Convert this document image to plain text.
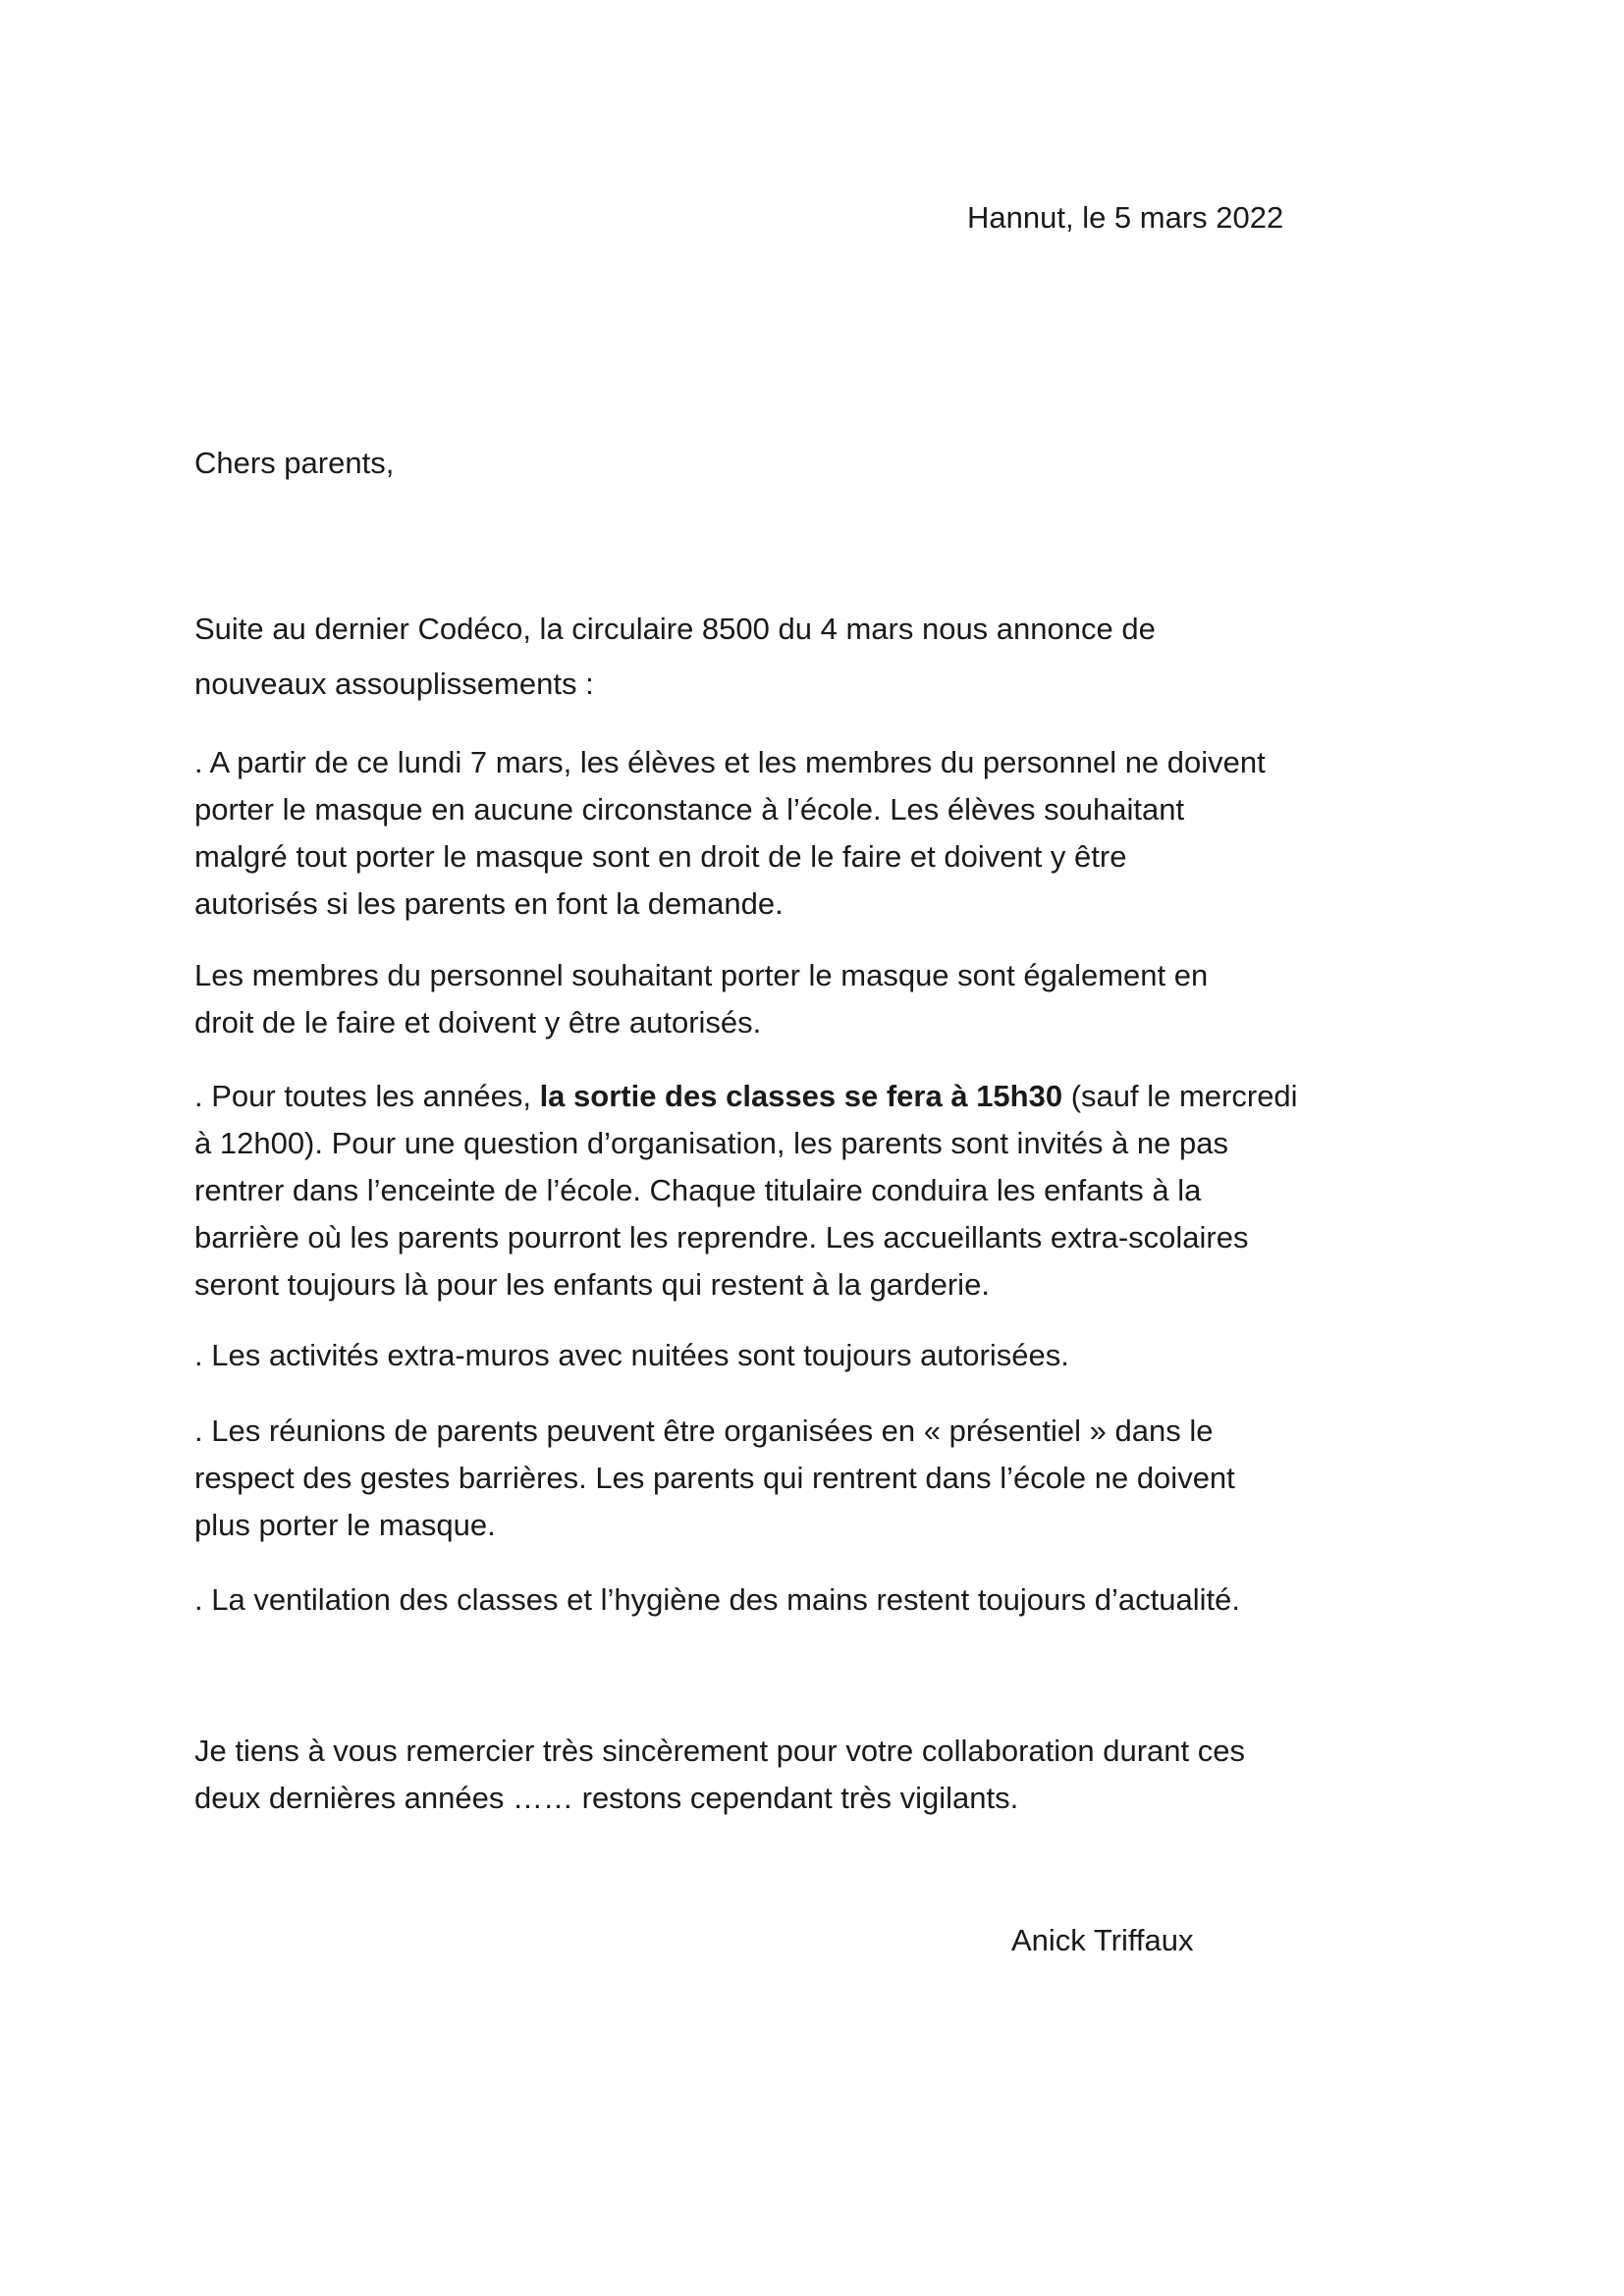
Hannut, le 5 mars 2022

Chers parents,

Suite au dernier Codéco, la circulaire 8500 du 4 mars nous annonce de
nouveaux assouplissements :

. A partir de ce lundi 7 mars, les élèves et les membres du personnel ne doivent
porter le masque en aucune circonstance à l’école. Les élèves souhaitant
malgré tout porter le masque sont en droit de le faire et doivent y être
autorisés si les parents en font la demande.

Les membres du personnel souhaitant porter le masque sont également en
droit de le faire et doivent y être autorisés.

. Pour toutes les années, la sortie des classes se fera à 15h30 (sauf le mercredi
à 12h00). Pour une question d’organisation, les parents sont invités à ne pas
rentrer dans l’enceinte de l’école. Chaque titulaire conduira les enfants à la
barrière où les parents pourront les reprendre. Les accueillants extra-scolaires
seront toujours là pour les enfants qui restent à la garderie.

. Les activités extra-muros avec nuitées sont toujours autorisées.

. Les réunions de parents peuvent être organisées en « présentiel » dans le
respect des gestes barrières. Les parents qui rentrent dans l’école ne doivent
plus porter le masque.

. La ventilation des classes et l’hygiène des mains restent toujours d’actualité.

Je tiens à vous remercier très sincèrement pour votre collaboration durant ces
deux dernières années …… restons cependant très vigilants.

Anick Triffaux
